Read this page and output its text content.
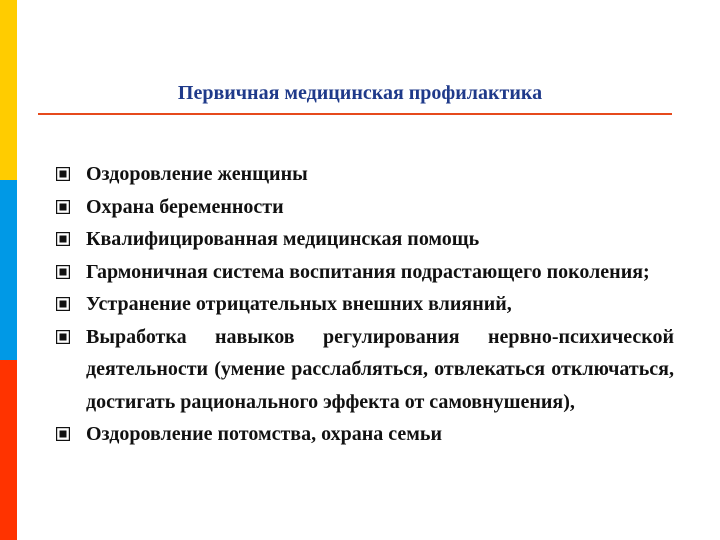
Первичная медицинская профилактика
Оздоровление женщины
Охрана беременности
Квалифицированная медицинская помощь
Гармоничная система воспитания подрастающего поколения;
Устранение отрицательных внешних влияний,
Выработка навыков регулирования нервно-психической деятельности (умение расслабляться, отвлекаться отключаться, достигать рационального эффекта от самовнушения),
Оздоровление потомства, охрана семьи
